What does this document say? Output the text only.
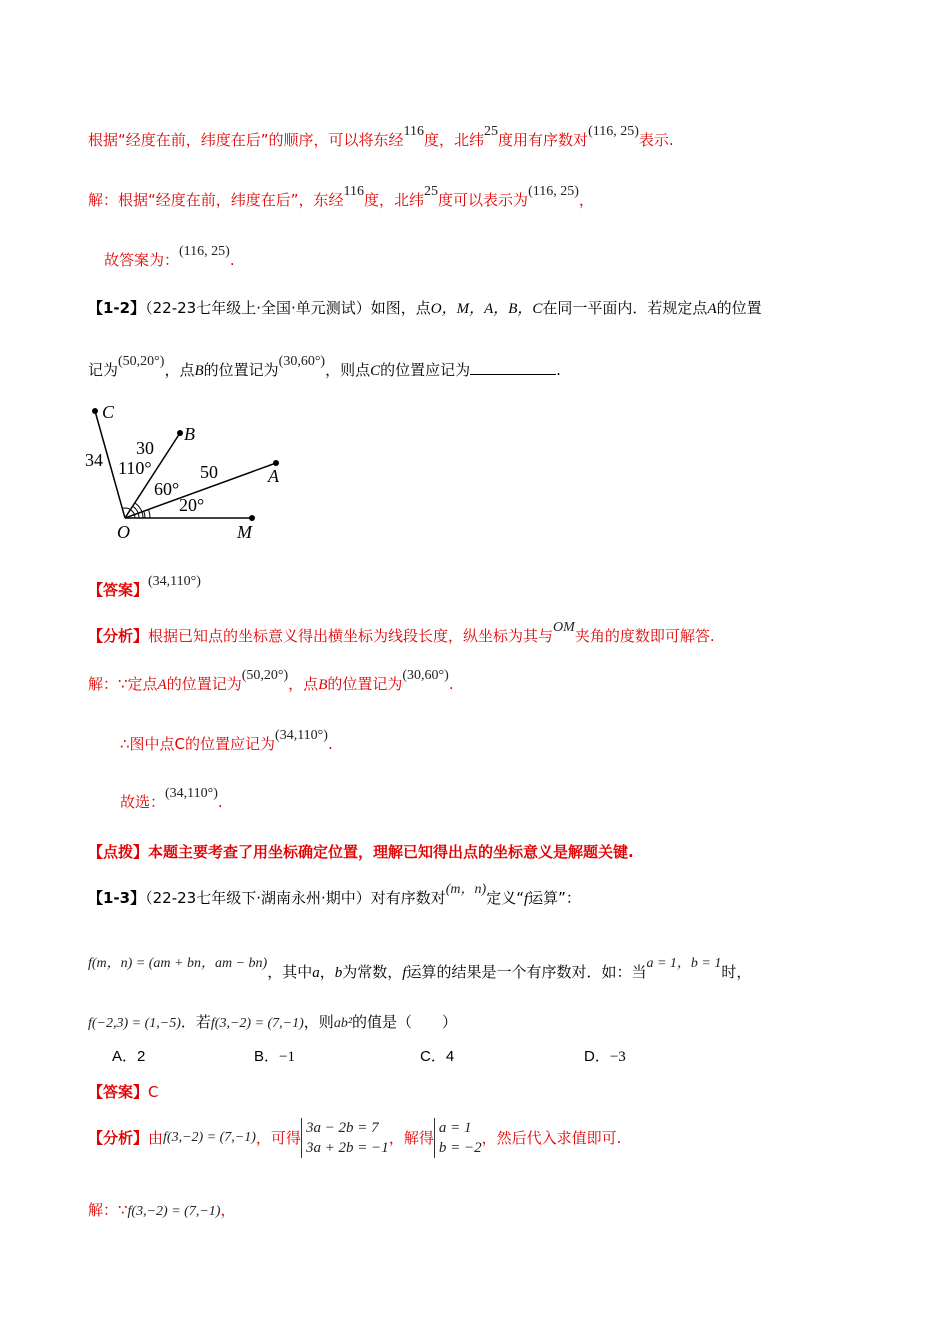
根据“经度在前，纬度在后”的顺序，可以将东经116度，北纬25度用有序数对(116, 25)表示.
解：根据“经度在前，纬度在后”，东经116度，北纬25度可以表示为(116, 25)，
故答案为：(116, 25).
【1-2】（22-23七年级上·全国·单元测试）如图，点O，M，A，B，C在同一平面内．若规定点A的位置
记为(50,20°)，点B的位置记为(30,60°)，则点C的位置应记为	.
C
B
A
O	M
34
30
50
110°
60°
20°
【答案】(34,110°)
【分析】根据已知点的坐标意义得出横坐标为线段长度，纵坐标为其与OM夹角的度数即可解答.
解：∵定点A的位置记为(50,20°)，点B的位置记为(30,60°).
∴图中点C的位置应记为(34,110°).
故选：(34,110°).
【点拨】本题主要考查了用坐标确定位置，理解已知得出点的坐标意义是解题关键.
【1-3】（22-23七年级下·湖南永州·期中）对有序数对(m，n)定义“f运算”：
f(m，n) = (am + bn，am − bn)，其中a，b为常数，f运算的结果是一个有序数对．如：当a = 1，b = 1时，
f(−2,3) = (1,−5)．若f(3,−2) = (7,−1)，则ab²的值是（　　）
A．2	B．−1	C．4	D．−3
【答案】C
【分析】 由 f(3,−2) = (7,−1) ，可得
3a − 2b = 7
3a + 2b = −1
，解得
a = 1
b = −2
，然后代入求值即可.
解：∵f(3,−2) = (7,−1)，
